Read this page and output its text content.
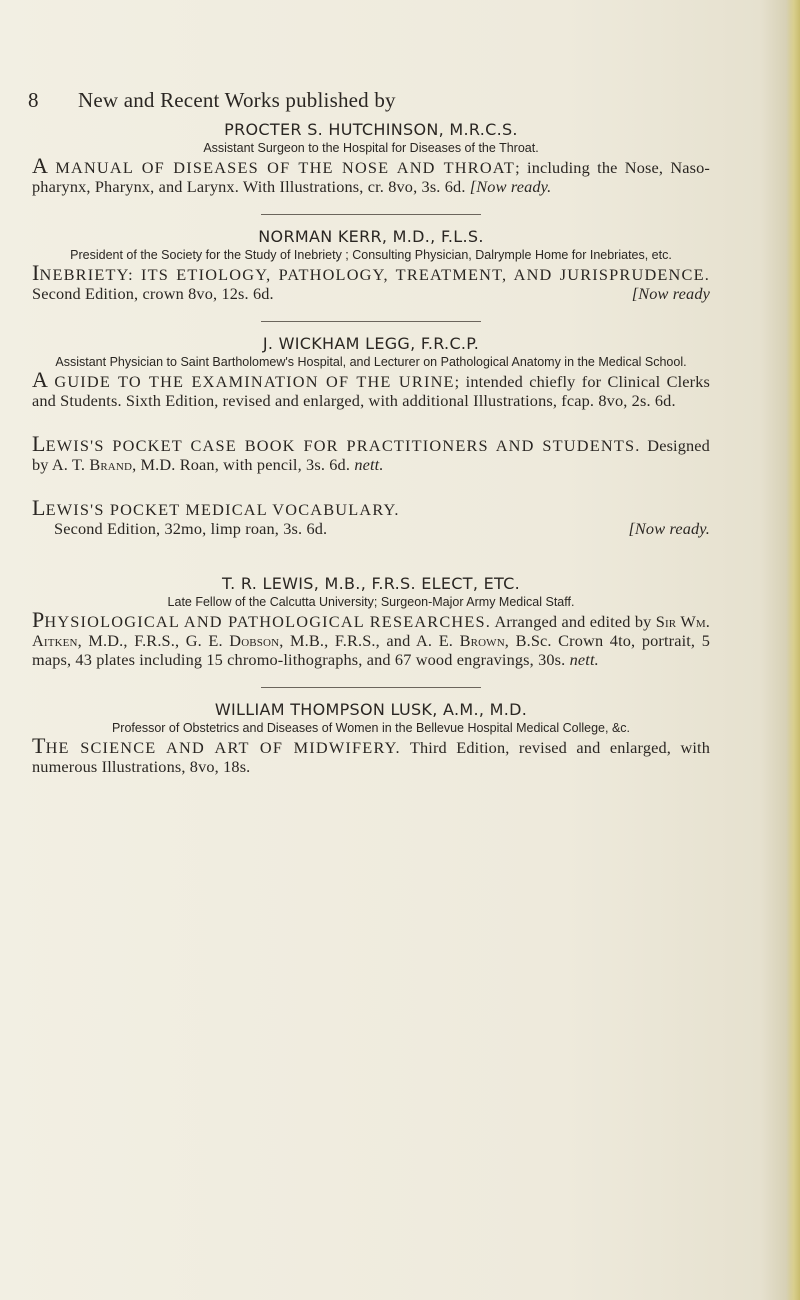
8 New and Recent Works published by
PROCTER S. HUTCHINSON, M.R.C.S.
Assistant Surgeon to the Hospital for Diseases of the Throat.
A MANUAL OF DISEASES OF THE NOSE AND THROAT; including the Nose, Naso-pharynx, Pharynx, and Larynx. With Illustrations, cr. 8vo, 3s. 6d. [Now ready.
NORMAN KERR, M.D., F.L.S.
President of the Society for the Study of Inebriety ; Consulting Physician, Dalrymple Home for Inebriates, etc.
INEBRIETY: ITS ETIOLOGY, PATHOLOGY, TREATMENT, AND JURISPRUDENCE. Second Edition, crown 8vo, 12s. 6d.	[Now ready
J. WICKHAM LEGG, F.R.C.P.
Assistant Physician to Saint Bartholomew's Hospital, and Lecturer on Pathological Anatomy in the Medical School.
A GUIDE TO THE EXAMINATION OF THE URINE; intended chiefly for Clinical Clerks and Students. Sixth Edition, revised and enlarged, with additional Illustrations, fcap. 8vo, 2s. 6d.
LEWIS'S POCKET CASE BOOK FOR PRACTITIONERS AND STUDENTS. Designed by A. T. Brand, M.D. Roan, with pencil, 3s. 6d. nett.
LEWIS'S POCKET MEDICAL VOCABULARY.
Second Edition, 32mo, limp roan, 3s. 6d.	[Now ready.
T. R. LEWIS, M.B., F.R.S. ELECT, ETC.
Late Fellow of the Calcutta University; Surgeon-Major Army Medical Staff.
PHYSIOLOGICAL AND PATHOLOGICAL RESEARCHES. Arranged and edited by Sir Wm. Aitken, M.D., F.R.S., G. E. Dobson, M.B., F.R.S., and A. E. Brown, B.Sc. Crown 4to, portrait, 5 maps, 43 plates including 15 chromo-lithographs, and 67 wood engravings, 30s. nett.
WILLIAM THOMPSON LUSK, A.M., M.D.
Professor of Obstetrics and Diseases of Women in the Bellevue Hospital Medical College, &c.
THE SCIENCE AND ART OF MIDWIFERY. Third Edition, revised and enlarged, with numerous Illustrations, 8vo, 18s.
